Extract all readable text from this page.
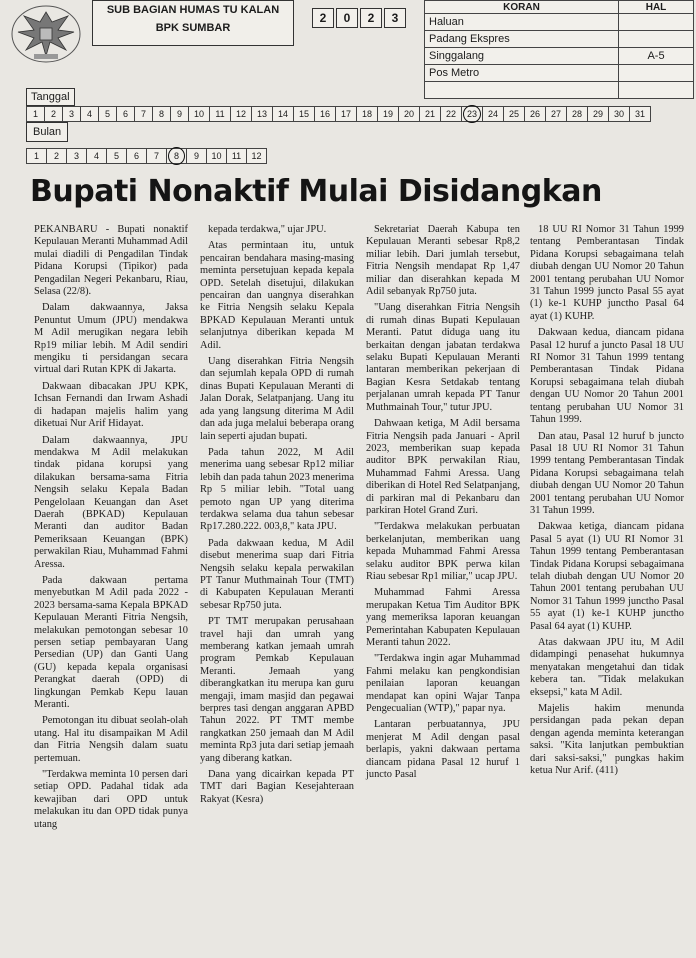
SUB BAGIAN HUMAS TU KALAN
BPK SUMBAR
2	0	2	3
KORAN	HAL
Haluan	
Padang Ekspres	
Singgalang	A-5
Pos Metro	

Tanggal
1	2	3	4	5	6	7	8	9	10	11	12	13	14	15	16	17	18	19	20	21	22	23	24	25	26	27	28	29	30	31
Bulan
1	2	3	4	5	6	7	8	9	10	11	12
Bupati Nonaktif Mulai Disidangkan

PEKANBARU - Bupati nonaktif Kepulauan Meranti Muhammad Adil mulai diadili di Pengadilan Tindak Pidana Korupsi (Tipikor) pada Pengadilan Negeri Pekanbaru, Riau, Selasa (22/8).

Dalam dakwaannya, Jaksa Penuntut Umum (JPU) mendakwa M Adil merugikan negara lebih Rp19 miliar lebih. M Adil sendiri mengiku ti persidangan secara virtual dari Rutan KPK di Jakarta.

Dakwaan dibacakan JPU KPK, Ichsan Fernandi dan Irwam Ashadi di hadapan majelis halim yang diketuai Nur Arif Hidayat.

Dalam dakwaannya, JPU mendakwa M Adil melakukan tindak pidana korupsi yang dilakukan bersama-sama Fitria Nengsih selaku Kepala Badan Pengelolaan Keuangan dan Aset Daerah (BPKAD) Kepulauan Meranti dan auditor Badan Pemeriksaan Keuangan (BPK) perwakilan Riau, Muhammad Fahmi Aressa.

Pada dakwaan pertama menyebutkan M Adil pada 2022 - 2023 bersama-sama Kepala BPKAD Kepulauan Meranti Fitria Nengsih, melakukan pemotongan sebesar 10 persen setiap pembayaran Uang Persedian (UP) dan Ganti Uang (GU) kepada kepala organisasi Perangkat daerah (OPD) di lingkungan Pemkab Kepu lauan Meranti.

Pemotongan itu dibuat seolah-olah utang. Hal itu disampaikan M Adil dan Fitria Nengsih dalam suatu pertemuan.

"Terdakwa meminta 10 persen dari setiap OPD. Padahal tidak ada kewajiban dari OPD untuk melakukan itu dan OPD tidak punya utang

kepada terdakwa," ujar JPU.

Atas permintaan itu, untuk pencairan bendahara masing-masing meminta persetujuan kepada kepala OPD. Setelah disetujui, dilakukan pencairan dan uangnya diserahkan ke Fitria Nengsih selaku Kepala BPKAD Kepulauan Meranti untuk selanjutnya diberikan kepada M Adil.

Uang diserahkan Fitria Nengsih dan sejumlah kepala OPD di rumah dinas Bupati Kepulauan Meranti di Jalan Dorak, Selatpanjang. Uang itu ada yang langsung diterima M Adil dan ada juga melalui beberapa orang lain seperti ajudan bupati.

Pada tahun 2022, M Adil menerima uang sebesar Rp12 miliar lebih dan pada tahun 2023 menerima Rp 5 miliar lebih. "Total uang pemoto ngan UP yang diterima terdakwa selama dua tahun sebesar Rp17.280.222. 003,8," kata JPU.

Pada dakwaan kedua, M Adil disebut menerima suap dari Fitria Nengsih selaku kepala perwakilan PT Tanur Muthmainah Tour (TMT) di Kabupaten Kepulauan Meranti sebesar Rp750 juta.

PT TMT merupakan perusahaan travel haji dan umrah yang memberang katkan jemaah umrah program Pemkab Kepulauan Meranti. Jemaah yang diberangkatkan itu merupa kan guru mengaji, imam masjid dan pegawai berpres tasi dengan anggaran APBD Tahun 2022. PT TMT membe rangkatkan 250 jemaah dan M Adil meminta Rp3 juta dari setiap jemaah yang diberang katkan.

Dana yang dicairkan kepada PT TMT dari Bagian Kesejahteraan Rakyat (Kesra)

Sekretariat Daerah Kabupa ten Kepulauan Meranti sebesar Rp8,2 miliar lebih. Dari jumlah tersebut, Fitria Nengsih mendapat Rp 1,47 miliar dan diserahkan kepada M Adil sebanyak Rp750 juta.

"Uang diserahkan Fitria Nengsih di rumah dinas Bupati Kepulauan Meranti. Patut diduga uang itu berkaitan dengan jabatan terdakwa selaku Bupati Kepulauan Meranti lantaran memberikan pekerjaan di Bagian Kesra Setdakab tentang perjalanan umrah kepada PT Tanur Muthmainah Tour," tutur JPU.

Dahwaan ketiga, M Adil bersama Fitria Nengsih pada Januari - April 2023, memberikan suap kepada auditor BPK perwakilan Riau, Muhammad Fahmi Aressa. Uang diberikan di Hotel Red Selatpanjang, di parkiran mal di Pekanbaru dan parkiran Hotel Grand Zuri.

"Terdakwa melakukan perbuatan berkelanjutan, memberikan uang kepada Muhammad Fahmi Aressa selaku auditor BPK perwa kilan Riau sebesar Rp1 miliar," ucap JPU.

Muhammad Fahmi Aressa merupakan Ketua Tim Auditor BPK yang memeriksa laporan keuangan Pemerintahan Kabupaten Kepulauan Meranti tahun 2022.

"Terdakwa ingin agar Muhammad Fahmi melaku kan pengkondisian penilaian laporan keuangan mendapat kan opini Wajar Tanpa Pengecualian (WTP)," papar nya.

Lantaran perbuatannya, JPU menjerat M Adil dengan pasal berlapis, yakni dakwaan pertama diancam pidana Pasal 12 huruf 1 juncto Pasal

18 UU RI Nomor 31 Tahun 1999 tentang Pemberantasan Tindak Pidana Korupsi sebagaimana telah diubah dengan UU Nomor 20 Tahun 2001 tentang perubahan UU Nomor 31 Tahun 1999 juncto Pasal 55 ayat (1) ke-1 KUHP junctho Pasal 64 ayat (1) KUHP.

Dakwaan kedua, diancam pidana Pasal 12 huruf a juncto Pasal 18 UU RI Nomor 31 Tahun 1999 tentang Pemberantasan Tindak Pidana Korupsi sebagaimana telah diubah dengan UU Nomor 20 Tahun 2001 tentang perubahan UU Nomor 31 Tahun 1999.

Dan atau, Pasal 12 huruf b juncto Pasal 18 UU RI Nomor 31 Tahun 1999 tentang Pemberantasan Tindak Pidana Korupsi sebagaimana telah diubah dengan UU Nomor 20 Tahun 2001 tentang perubahan UU Nomor 31 Tahun 1999.

Dakwaa ketiga, diancam pidana Pasal 5 ayat (1) UU RI Nomor 31 Tahun 1999 tentang Pemberantasan Tindak Pidana Korupsi sebagaimana telah diubah dengan UU Nomor 20 Tahun 2001 tentang perubahan UU Nomor 31 Tahun 1999 junctho Pasal 55 ayat (1) ke-1 KUHP junctho Pasal 64 ayat (1) KUHP.

Atas dakwaan JPU itu, M Adil didampingi penasehat hukumnya menyatakan mengetahui dan tidak kebera tan. "Tidak melakukan eksepsi," kata M Adil.

Majelis hakim menunda persidangan pada pekan depan dengan agenda meminta keterangan saksi. "Kita lanjutkan pembuktian dari saksi-saksi," pungkas hakim ketua Nur Arif. (411)
